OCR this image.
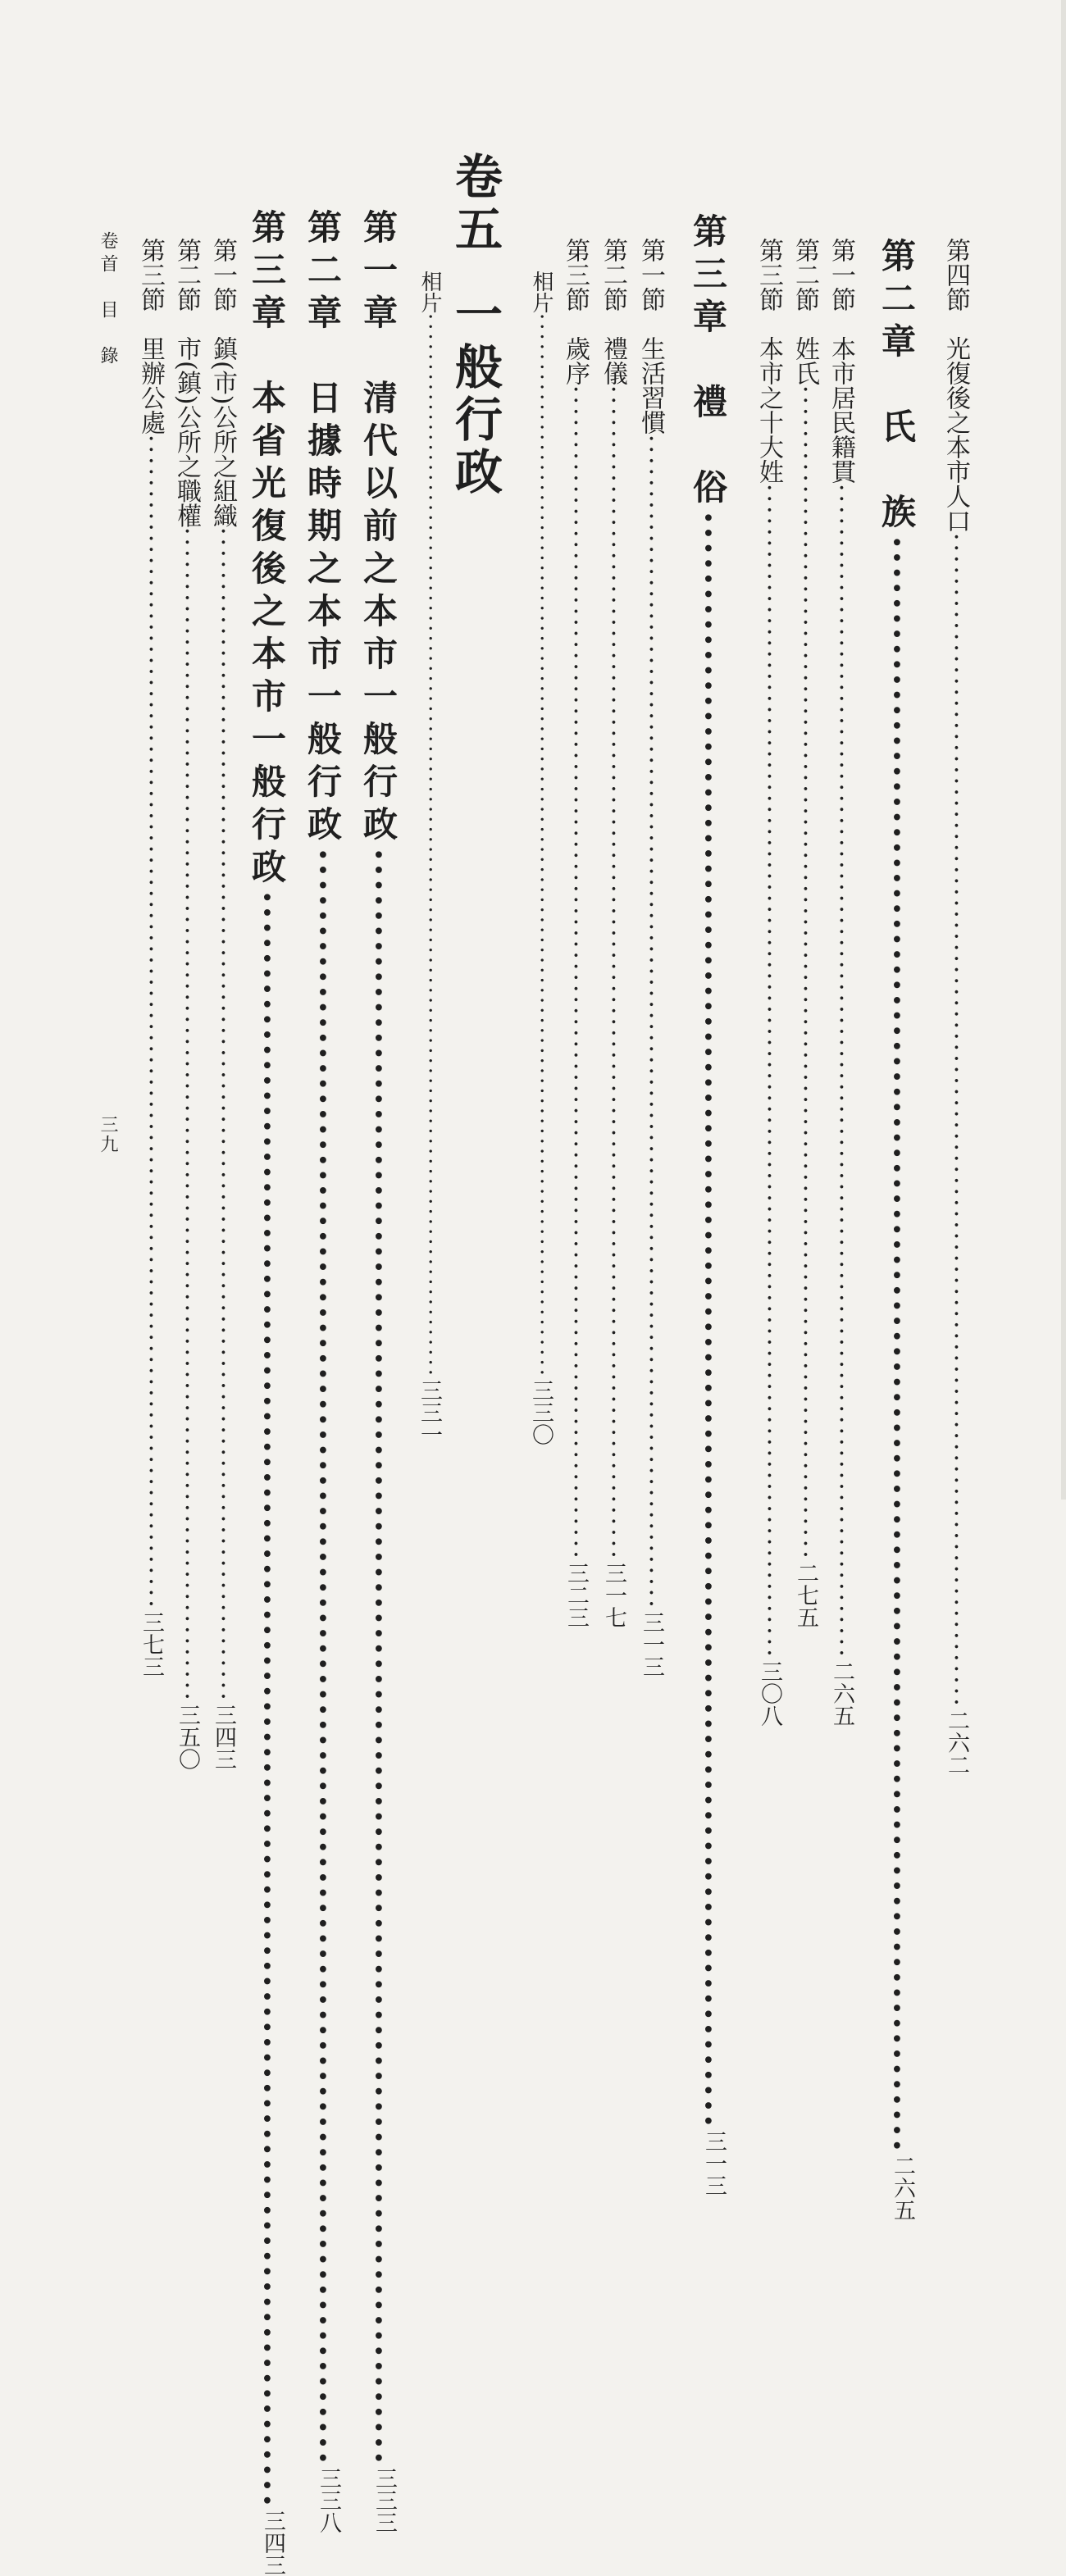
第四節　光復後之本市人口 ·····
二六二
第二章　氏　族 ·····
二六五
第一節　本市居民籍貫 ·····
二六五
第二節　姓氏 ·····
二七五
第三節　本市之十大姓 ·····
三〇八
第三章　禮　俗 ·····
三一三
第一節　生活習慣 ·····
三一三
第二節　禮儀 ·····
三一七
第三節　歲序 ·····
三二三
相片 ·····
三三〇
卷五一般行政
相片 ·····
三三一
第一章　清代以前之本市一般行政 ·····
三三三
第二章　日據時期之本市一般行政 ·····
三三八
第三章　本省光復後之本市一般行政 ·····
三四三
第一節　鎮(市)公所之組織 ·····
三四三
第二節　市(鎮)公所之職權 ·····
三五〇
第三節　里辦公處 ·····
三七三
卷首　目　錄
三九
